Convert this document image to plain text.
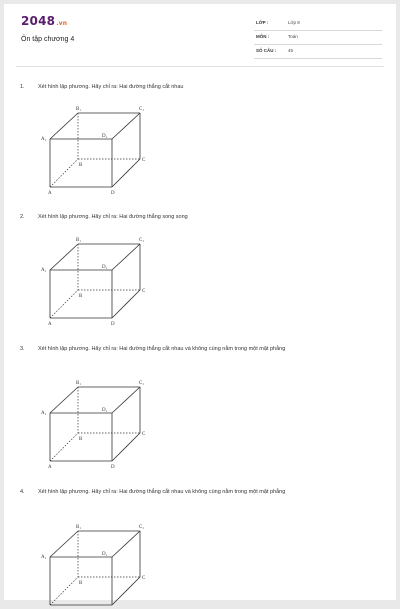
2048.vn
Ôn tập chương 4
LỚP :	Lớp 8
MÔN :	Toán
SỐ CÂU :	45
1. Xét hình lập phương. Hãy chỉ ra: Hai đường thẳng cắt nhau
B₁	C₁
A₁
D₁
B
C
A	D
2. Xét hình lập phương. Hãy chỉ ra: Hai đường thẳng song song
B₁	C₁
A₁
D₁
B
C
A	D
3. Xét hình lập phương. Hãy chỉ ra: Hai đường thẳng cắt nhau và không cùng nằm trong một mặt phẳng
B₁	C₁
A₁
D₁
B
C
A	D
4. Xét hình lập phương. Hãy chỉ ra: Hai đường thẳng cắt nhau và không cùng nằm trong một mặt phẳng
B₁	C₁
A₁
D₁
B
C
